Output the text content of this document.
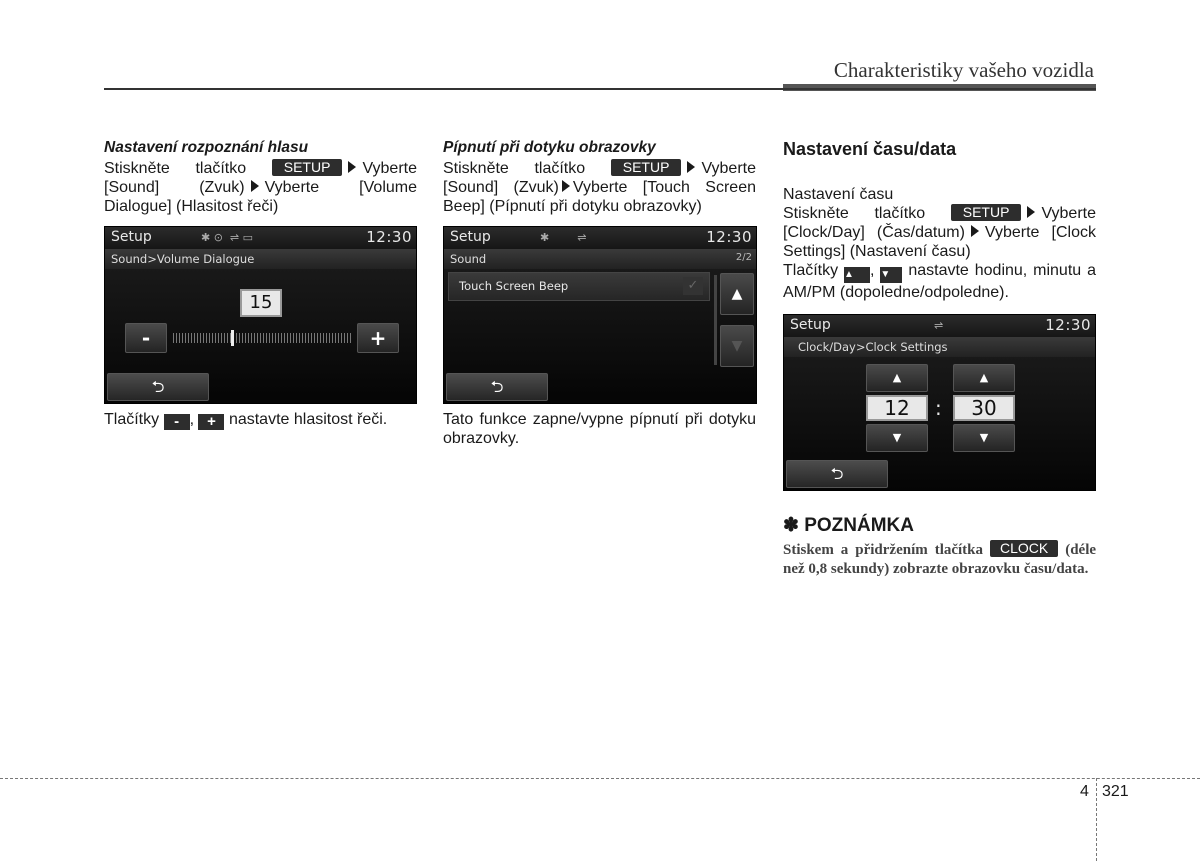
Charakteristiky vašeho vozidla
Nastavení rozpoznání hlasu
Stiskněte tlačítko	SETUP Vyberte [Sound] (Zvuk) Vyberte [Volume Dialogue] (Hlasitost řeči)
Setup	✱ ⊙  ⇌ ▭	12:30
Sound>Volume Dialogue
15
-	+
⮌
Tlačítky - , + nastavte hlasitost řeči.
Pípnutí při dotyku obrazovky
Stiskněte tlačítko	SETUP Vyberte [Sound] (Zvuk) Vyberte [Touch Screen Beep] (Pípnutí při dotyku obrazovky)
Setup	✱        ⇌	12:30
Sound	2/2
Touch Screen Beep	✓
▲
▼
⮌
Tato funkce zapne/vypne pípnutí při dotyku obrazovky.
Nastavení času/data
Nastavení času
Stiskněte tlačítko	SETUP Vyberte [Clock/Day] (Čas/datum) Vyberte [Clock Settings] (Nastavení času)
Tlačítky ▲ , ▼ nastavte hodinu, minutu a AM/PM (dopoledne/odpoledne).
Setup	⇌	12:30
Clock/Day>Clock Settings
▲
12
▼
:
▲
30
▼
⮌
✽ POZNÁMKA
Stiskem a přidržením tlačítka CLOCK (déle než 0,8 sekundy) zobrazte obrazovku času/data.
4 321
